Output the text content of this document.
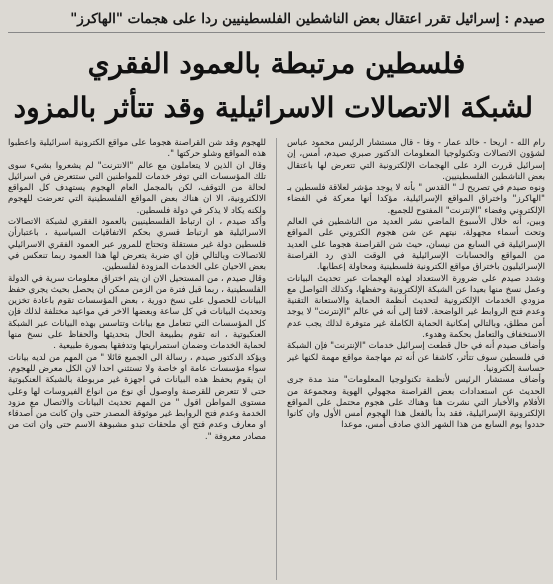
صيدم : إسرائيل تقرر اعتقال بعض الناشطين الفلسطينيين ردا على هجمات "الهاكرز"
فلسطين مرتبطة بالعمود الفقري
لشبكة الاتصالات الاسرائيلية وقد تتأثر بالمزود

رام الله - اريحا - خالد عمار - وفا - قال مستشار الرئيس محمود عباس لشؤون الاتصالات وتكنولوجيا المعلومات الدكتور صبري صيدم، أمس، إن إسرائيل قررت الرد على الهجمات الإلكترونية التي تتعرض لها باعتقال بعض الناشطين الفلسطينيين.

ونوه صيدم في تصريح لـ " القدس " بأنه لا يوجد مؤشر لعلاقة فلسطين بـ "الهاكرز" واختراق المواقع الإسرائيلية، مؤكدا أنها معركة في الفضاء الإلكتروني وفضاء "الإنترنت" المفتوح للجميع.

وبين، أنه خلال الأسبوع الماضي نشر العديد من الناشطين في العالم وتحت أسماء مجهولة، نيتهم عن شن هجوم الكتروني على المواقع الإسرائيلية في السابع من نيسان، حيث شن القراصنة هجوما على العديد من المواقع والحسابات الإسرائيلية في الوقت الذي رد القراصنة الإسرائيليون باختراق مواقع الكترونية فلسطينية ومحاولة إعطابها.

وشدد صيدم على ضرورة الاستعداد لهذه الهجمات عبر تحديث البيانات وعمل نسخ منها بعيدا عن الشبكة الإلكترونية وحفظها، وكذلك التواصل مع مزودي الخدمات الإلكترونية لتحديث أنظمة الحماية والاستعانة التقنية وعدم فتح الروابط غير الواضحة. لافتا إلى أنه في عالم "الإنترنت" لا يوجد أمن مطلق، وبالتالي إمكانية الحماية الكاملة غير متوفرة لذلك يجب عدم الاستخفاف والتعامل بحكمة وهدوء.

وأضاف صيدم أنه في حال قطعت إسرائيل خدمات "الإنترنت" فإن الشبكة في فلسطين سوف تتأثر، كاشفا عن أنه تم مهاجمة مواقع مهمة لكنها غير حساسة إلكترونيا.

وأضاف مستشار الرئيس لأنظمة تكنولوجيا المعلومات" منذ مدة جرى الحديث عن استعدادات بعض القراصنة مجهولي الهوية ومجموعة من الأفلام والأخبار التي نشرت هنا وهناك على هجوم محتمل على المواقع الإلكترونية الإسرائيلية، فقد بدأ بالفعل هذا الهجوم أمس الأول وان كانوا حددوا يوم السابع من هذا الشهر الذي صادف أمس، موعدا

للهجوم وقد شن القراصنة هجوما على مواقع الكترونية اسرائيلية وأعطبوا هذه المواقع وشلو حركتها ".

وقال ان الذين لا يتعاملون مع عالم "الانترنت" لم يشعروا بشيء سوى تلك المؤسسات التي توفر خدمات للمواطنين التي ستتعرض في اسرائيل لحالة من التوقف، لكن بالمجمل العام الهجوم يستهدف كل المواقع الالكترونية، الا ان هناك بعض المواقع الفلسطينية التي تعرضت للهجوم ولكنه يكاد لا يذكر في دولة فلسطين.

وأكد صيدم ، ان ارتباط الفلسطينيين بالعمود الفقري لشبكة الاتصالات الاسرائيلية هو ارتباط قسري بحكم الاتفاقيات السياسية ، باعتبارأن فلسطين دولة غير مستقلة وتحتاج للمرور عبر العمود الفقري الاسرائيلي للاتصالات وبالتالي فإن اي ضربة يتعرض لها هذا العمود ربما تنعكس في بعض الاحيان على الخدمات المزودة لفلسطين.

وقال صيدم ، من المستحيل الان ان يتم اختراق معلومات سرية في الدولة الفلسطينية ، ربما قبل فترة من الزمن ممكن ان يحصل بحيث يجري حفظ البيانات للحصول على نسخ دورية ، بعض المؤسسات تقوم باعادة تخزين وتحديث البيانات في كل ساعة وبعضها الاخر في مواعيد مختلفة لذلك فإن كل المؤسسات التي تتعامل مع بيانات وتتاسس بهذه البيانات عبر الشبكة العنكبوتية ، انه تقوم بطبيعة الحال بتحديثها والحفاظ على نسخ منها لحماية الخدمات وضمان استمراريتها وتدفقها بصورة طبيعية .

ويؤكد الدكتور صيدم ، رسالة الى الجميع قائلا " من المهم من لديه بيانات سواء مؤسسات عامة او خاصة ولا تستثني احدا لان الكل معرض للهجوم، ان يقوم بحفظ هذه البيانات في اجهزة غير مربوطة بالشبكة العنكبوتية حتى لا تتعرض للقرصنة واوصول أي نوع من انواع الفيروسات لها وعلى مستوى المواطن اقول " من المهم تحديث البيانات والاتصال مع مزود الخدمة وعدم فتح الروابط غير موثوقة المصدر حتى وان كانت من أصدقاء او معارف وعدم فتح أي ملحقات تبدو مشبوهة الاسم حتى وان اتت من مصادر معروفة ".
